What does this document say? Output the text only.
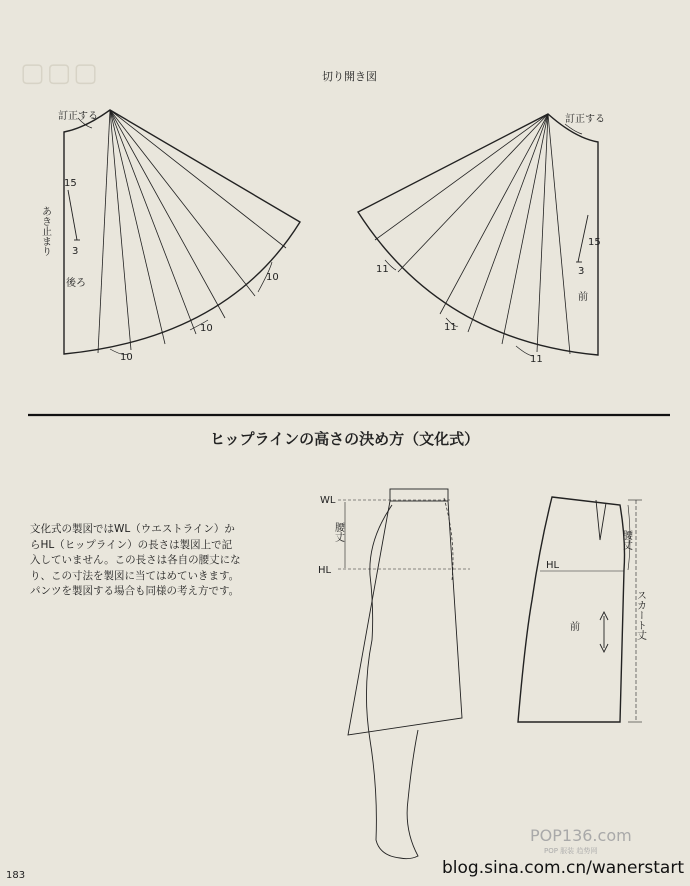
▢▢▢	切り開き図
訂正する
15
3
後ろ
10
10
10
あき止まり
訂正する
15
3
前
11
11
11
ヒップラインの高さの決め方（文化式）
WL
HL
腰丈
HL
腰丈
前	スカート丈
文化式の製図ではWL（ウエストライン）か
らHL（ヒップライン）の長さは製図上で記
入していません。この長さは各自の腰丈にな
り、この寸法を製図に当てはめていきます。
パンツを製図する場合も同様の考え方です。
POP136.com
POP 服装 趋势网
183	blog.sina.com.cn/wanerstart
